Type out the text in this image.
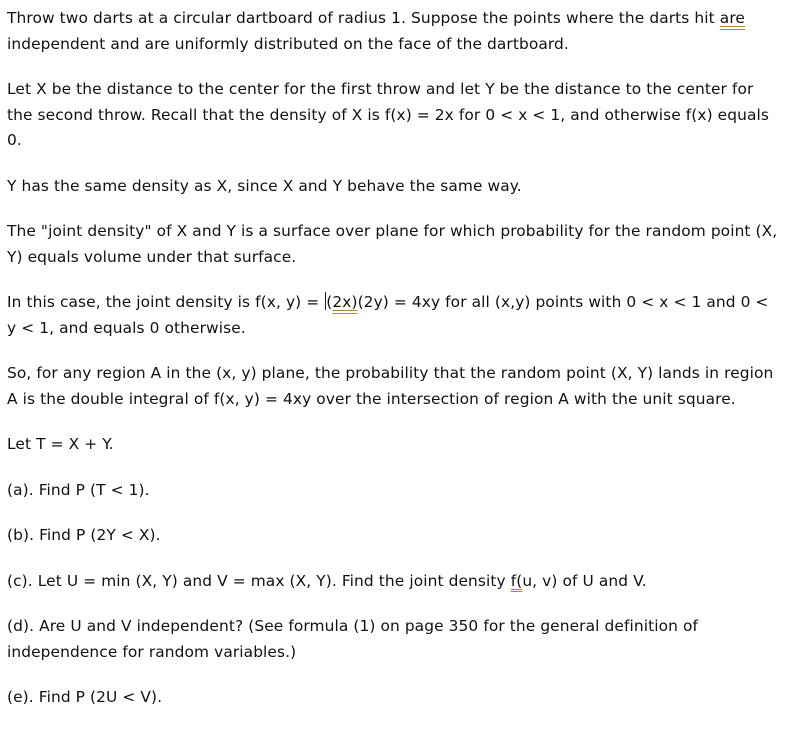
Throw two darts at a circular dartboard of radius 1. Suppose the points where the darts hit are independent and are uniformly distributed on the face of the dartboard.

Let X be the distance to the center for the first throw and let Y be the distance to the center for the second throw. Recall that the density of X is f(x) = 2x for 0 < x < 1, and otherwise f(x) equals 0.

Y has the same density as X, since X and Y behave the same way.

The "joint density" of X and Y is a surface over plane for which probability for the random point (X, Y) equals volume under that surface.

In this case, the joint density is f(x, y) = (2x)(2y) = 4xy for all (x,y) points with 0 < x < 1 and 0 < y < 1, and equals 0 otherwise.

So, for any region A in the (x, y) plane, the probability that the random point (X, Y) lands in region A is the double integral of f(x, y) = 4xy over the intersection of region A with the unit square.

Let T = X + Y.

(a). Find P (T < 1).

(b). Find P (2Y < X).

(c). Let U = min (X, Y) and V = max (X, Y). Find the joint density f(u, v) of U and V.

(d). Are U and V independent? (See formula (1) on page 350 for the general definition of independence for random variables.)

(e). Find P (2U < V).
